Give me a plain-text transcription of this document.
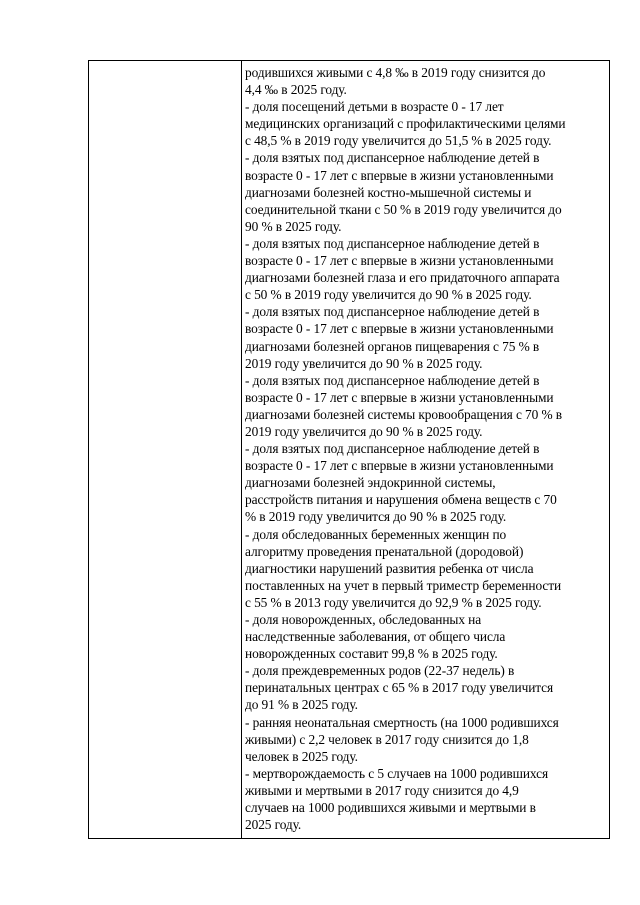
родившихся живыми с 4,8 ‰ в 2019 году снизится до
4,4 ‰ в 2025 году.
- доля посещений детьми в возрасте 0 - 17 лет
медицинских организаций с профилактическими целями
с 48,5 % в 2019 году увеличится до 51,5 % в 2025 году.
- доля взятых под диспансерное наблюдение детей в
возрасте 0 - 17 лет с впервые в жизни установленными
диагнозами болезней костно-мышечной системы и
соединительной ткани с 50 % в 2019 году увеличится до
90 % в 2025 году.
- доля взятых под диспансерное наблюдение детей в
возрасте 0 - 17 лет с впервые в жизни установленными
диагнозами болезней глаза и его придаточного аппарата
с 50 % в 2019 году увеличится до 90 % в 2025 году.
- доля взятых под диспансерное наблюдение детей в
возрасте 0 - 17 лет с впервые в жизни установленными
диагнозами болезней органов пищеварения с 75 % в
2019 году увеличится до 90 % в 2025 году.
- доля взятых под диспансерное наблюдение детей в
возрасте 0 - 17 лет с впервые в жизни установленными
диагнозами болезней системы кровообращения с 70 % в
2019 году увеличится до 90 % в 2025 году.
- доля взятых под диспансерное наблюдение детей в
возрасте 0 - 17 лет с впервые в жизни установленными
диагнозами болезней эндокринной системы,
расстройств питания и нарушения обмена веществ с 70
% в 2019 году увеличится до 90 % в 2025 году.
- доля обследованных беременных женщин по
алгоритму проведения пренатальной (дородовой)
диагностики нарушений развития ребенка от числа
поставленных на учет в первый триместр беременности
с 55 % в 2013 году увеличится до 92,9 % в 2025 году.
- доля новорожденных, обследованных на
наследственные заболевания, от общего числа
новорожденных составит 99,8 % в 2025 году.
- доля преждевременных родов (22-37 недель) в
перинатальных центрах с 65 % в 2017 году увеличится
до 91 % в 2025 году.
- ранняя неонатальная смертность (на 1000 родившихся
живыми) с 2,2 человек в 2017 году снизится до 1,8
человек в 2025 году.
- мертворождаемость с 5 случаев на 1000 родившихся
живыми и мертвыми в 2017 году снизится до 4,9
случаев на 1000 родившихся живыми и мертвыми в
2025 году.
